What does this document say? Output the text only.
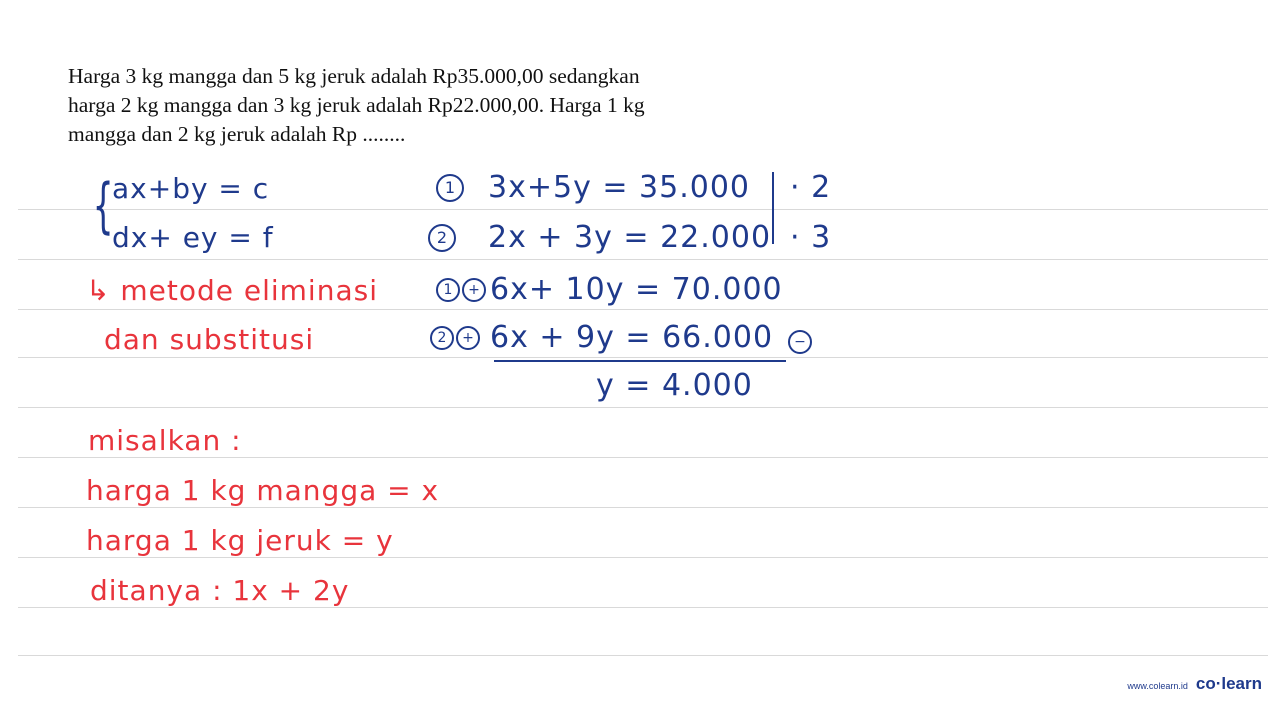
Harga 3 kg mangga dan 5 kg jeruk adalah Rp35.000,00 sedangkan
harga 2 kg mangga dan 3 kg jeruk adalah Rp22.000,00. Harga 1 kg
mangga dan 2 kg jeruk adalah Rp ........
{
ax+by = c
dx+ ey = f
↳ metode eliminasi
dan substitusi
1 3x+5y = 35.000 · 2
2 2x + 3y = 22.000 · 3
1	+ 6x+ 10y = 70.000
2	+ 6x + 9y = 66.000	−
y = 4.000
misalkan :
harga 1 kg mangga = x
harga 1 kg jeruk = y
ditanya : 1x + 2y
www.colearn.id co·learn
